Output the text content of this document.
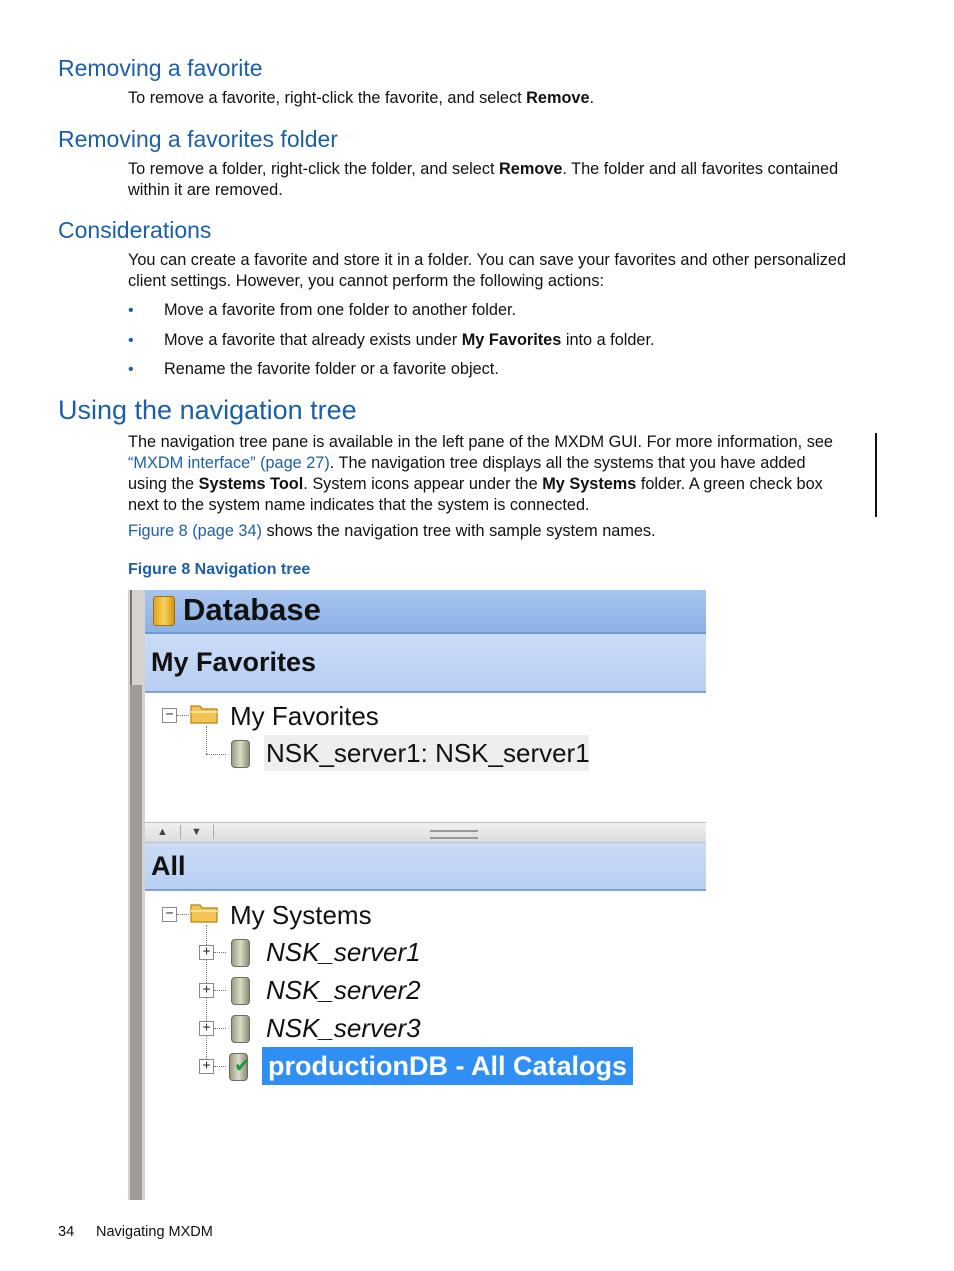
Removing a favorite

To remove a favorite, right-click the favorite, and select Remove.

Removing a favorites folder

To remove a folder, right-click the folder, and select Remove. The folder and all favorites contained within it are removed.

Considerations

You can create a favorite and store it in a folder. You can save your favorites and other personalized client settings. However, you cannot perform the following actions:

• Move a favorite from one folder to another folder.
• Move a favorite that already exists under My Favorites into a folder.
• Rename the favorite folder or a favorite object.
Using the navigation tree

The navigation tree pane is available in the left pane of the MXDM GUI. For more information, see “MXDM interface” (page 27). The navigation tree displays all the systems that you have added using the Systems Tool. System icons appear under the My Systems folder. A green check box next to the system name indicates that the system is connected.

Figure 8 (page 34) shows the navigation tree with sample system names.

Figure 8 Navigation tree

Database
My Favorites
− My Favorites
NSK_server1: NSK_server1
▲ ▼
All
− My Systems
+ NSK_server1
+ NSK_server2
+ NSK_server3
+ ✔ productionDB - All Catalogs
34 Navigating MXDM
